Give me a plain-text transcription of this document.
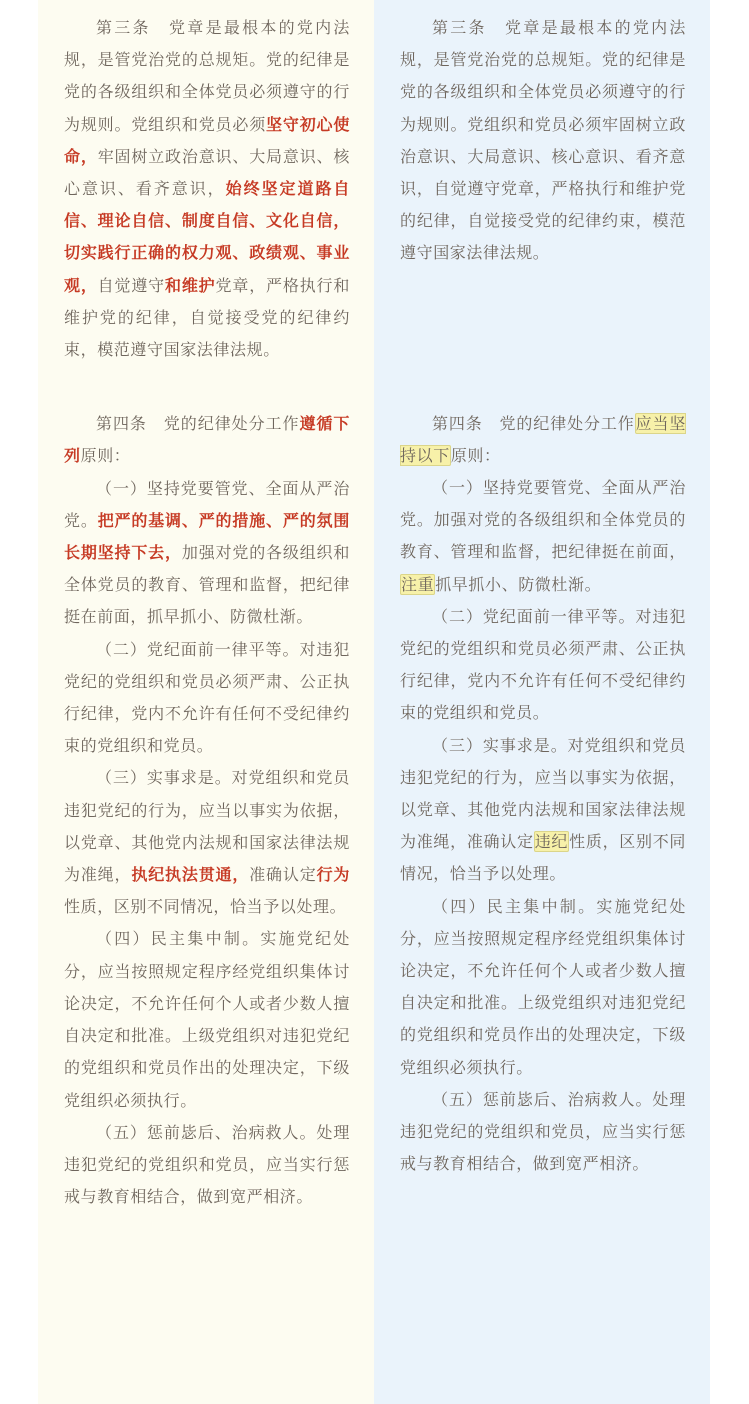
第三条　党章是最根本的党内法规，是管党治党的总规矩。党的纪律是党的各级组织和全体党员必须遵守的行为规则。党组织和党员必须坚守初心使命，牢固树立政治意识、大局意识、核心意识、看齐意识，始终坚定道路自信、理论自信、制度自信、文化自信，切实践行正确的权力观、政绩观、事业观，自觉遵守和维护党章，严格执行和维护党的纪律，自觉接受党的纪律约束，模范遵守国家法律法规。

第四条　党的纪律处分工作遵循下列原则：

（一）坚持党要管党、全面从严治党。把严的基调、严的措施、严的氛围长期坚持下去，加强对党的各级组织和全体党员的教育、管理和监督，把纪律挺在前面，抓早抓小、防微杜渐。

（二）党纪面前一律平等。对违犯党纪的党组织和党员必须严肃、公正执行纪律，党内不允许有任何不受纪律约束的党组织和党员。

（三）实事求是。对党组织和党员违犯党纪的行为，应当以事实为依据，以党章、其他党内法规和国家法律法规为准绳，执纪执法贯通，准确认定行为性质，区别不同情况，恰当予以处理。

（四）民主集中制。实施党纪处分，应当按照规定程序经党组织集体讨论决定，不允许任何个人或者少数人擅自决定和批准。上级党组织对违犯党纪的党组织和党员作出的处理决定，下级党组织必须执行。

（五）惩前毖后、治病救人。处理违犯党纪的党组织和党员，应当实行惩戒与教育相结合，做到宽严相济。

第三条　党章是最根本的党内法规，是管党治党的总规矩。党的纪律是党的各级组织和全体党员必须遵守的行为规则。党组织和党员必须牢固树立政治意识、大局意识、核心意识、看齐意识，自觉遵守党章，严格执行和维护党的纪律，自觉接受党的纪律约束，模范遵守国家法律法规。

第四条　党的纪律处分工作应当坚持以下原则：

（一）坚持党要管党、全面从严治党。加强对党的各级组织和全体党员的教育、管理和监督，把纪律挺在前面，注重抓早抓小、防微杜渐。

（二）党纪面前一律平等。对违犯党纪的党组织和党员必须严肃、公正执行纪律，党内不允许有任何不受纪律约束的党组织和党员。

（三）实事求是。对党组织和党员违犯党纪的行为，应当以事实为依据，以党章、其他党内法规和国家法律法规为准绳，准确认定违纪性质，区别不同情况，恰当予以处理。

（四）民主集中制。实施党纪处分，应当按照规定程序经党组织集体讨论决定，不允许任何个人或者少数人擅自决定和批准。上级党组织对违犯党纪的党组织和党员作出的处理决定，下级党组织必须执行。

（五）惩前毖后、治病救人。处理违犯党纪的党组织和党员，应当实行惩戒与教育相结合，做到宽严相济。
